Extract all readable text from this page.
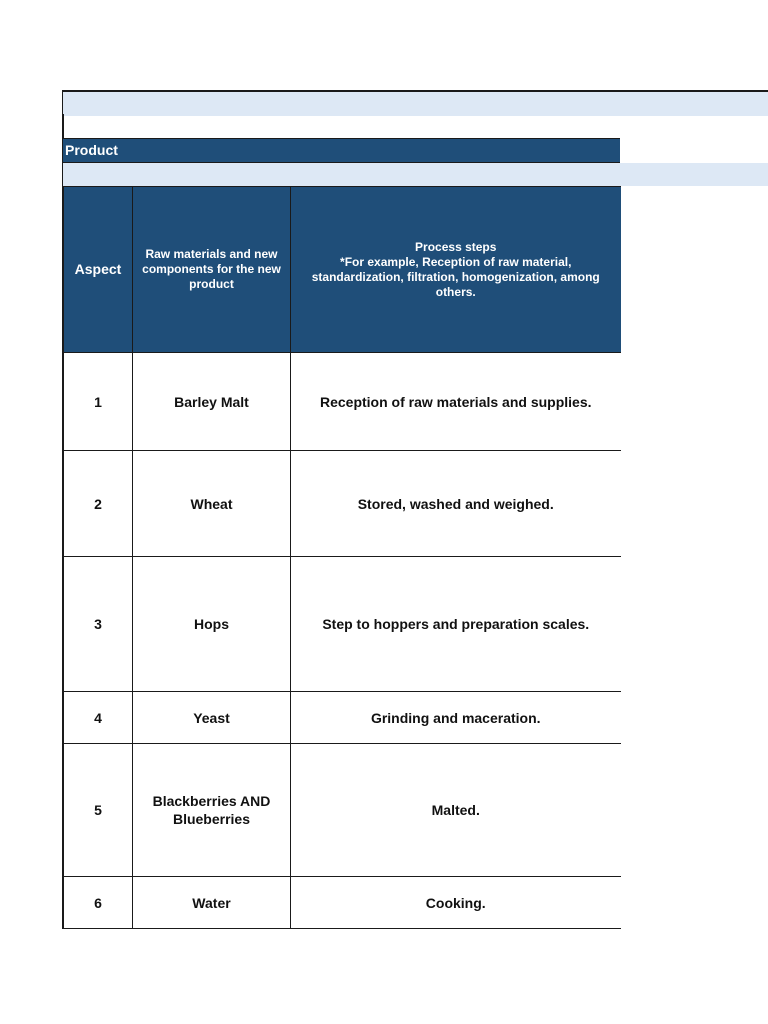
Product
Aspect	Raw materials and new components for the new product	Process steps
*For example, Reception of raw material, standardization, filtration, homogenization, among others.

1	Barley Malt	Reception of raw materials and supplies.
2	Wheat	Stored, washed and weighed.
3	Hops	Step to hoppers and preparation scales.
4	Yeast	Grinding and maceration.
5	Blackberries AND Blueberries	Malted.
6	Water	Cooking.
